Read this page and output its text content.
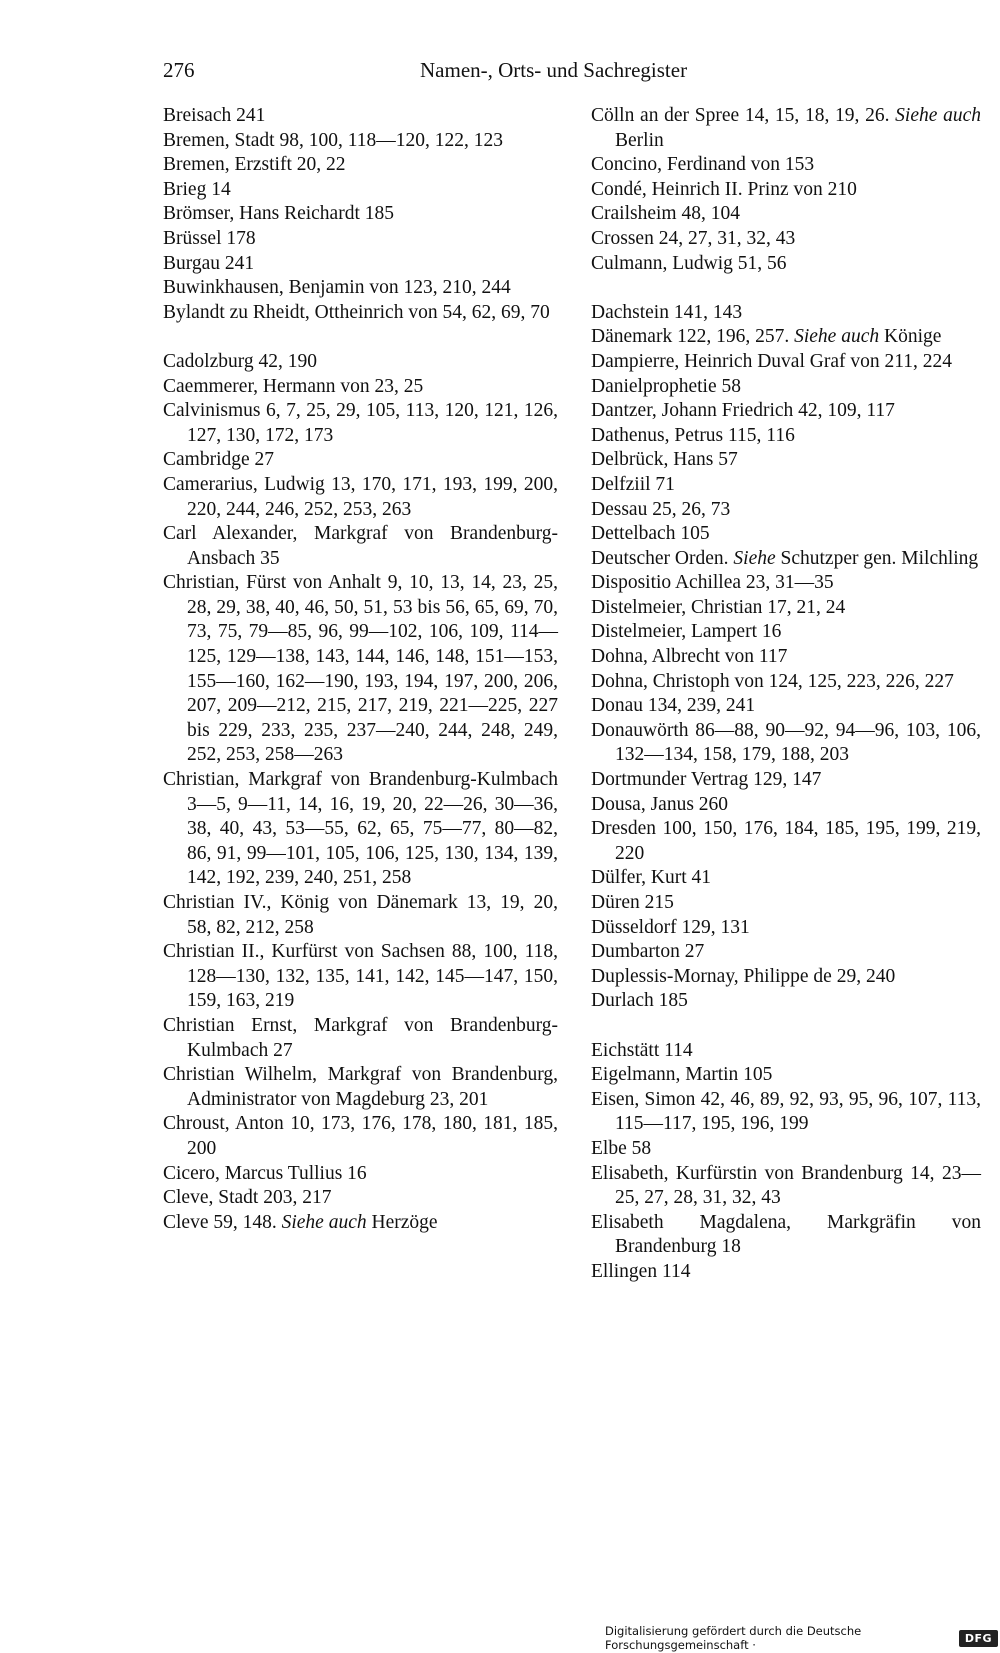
276	Namen-, Orts- und Sachregister
Breisach 241
Bremen, Stadt 98, 100, 118—120, 122, 123
Bremen, Erzstift 20, 22
Brieg 14
Brömser, Hans Reichardt 185
Brüssel 178
Burgau 241
Buwinkhausen, Benjamin von 123, 210, 244
Bylandt zu Rheidt, Ottheinrich von 54, 62, 69, 70
Cadolzburg 42, 190
Caemmerer, Hermann von 23, 25
Calvinismus 6, 7, 25, 29, 105, 113, 120, 121, 126, 127, 130, 172, 173
Cambridge 27
Camerarius, Ludwig 13, 170, 171, 193, 199, 200, 220, 244, 246, 252, 253, 263
Carl Alexander, Markgraf von Brandenburg-Ansbach 35
Christian, Fürst von Anhalt 9, 10, 13, 14, 23, 25, 28, 29, 38, 40, 46, 50, 51, 53 bis 56, 65, 69, 70, 73, 75, 79—85, 96, 99—102, 106, 109, 114—125, 129—138, 143, 144, 146, 148, 151—153, 155—160, 162—190, 193, 194, 197, 200, 206, 207, 209—212, 215, 217, 219, 221—225, 227 bis 229, 233, 235, 237—240, 244, 248, 249, 252, 253, 258—263
Christian, Markgraf von Brandenburg-Kulmbach 3—5, 9—11, 14, 16, 19, 20, 22—26, 30—36, 38, 40, 43, 53—55, 62, 65, 75—77, 80—82, 86, 91, 99—101, 105, 106, 125, 130, 134, 139, 142, 192, 239, 240, 251, 258
Christian IV., König von Dänemark 13, 19, 20, 58, 82, 212, 258
Christian II., Kurfürst von Sachsen 88, 100, 118, 128—130, 132, 135, 141, 142, 145—147, 150, 159, 163, 219
Christian Ernst, Markgraf von Brandenburg-Kulmbach 27
Christian Wilhelm, Markgraf von Brandenburg, Administrator von Magdeburg 23, 201
Chroust, Anton 10, 173, 176, 178, 180, 181, 185, 200
Cicero, Marcus Tullius 16
Cleve, Stadt 203, 217
Cleve 59, 148. Siehe auch Herzöge
Cölln an der Spree 14, 15, 18, 19, 26. Siehe auch Berlin
Concino, Ferdinand von 153
Condé, Heinrich II. Prinz von 210
Crailsheim 48, 104
Crossen 24, 27, 31, 32, 43
Culmann, Ludwig 51, 56
Dachstein 141, 143
Dänemark 122, 196, 257. Siehe auch Könige
Dampierre, Heinrich Duval Graf von 211, 224
Danielprophetie 58
Dantzer, Johann Friedrich 42, 109, 117
Dathenus, Petrus 115, 116
Delbrück, Hans 57
Delfziil 71
Dessau 25, 26, 73
Dettelbach 105
Deutscher Orden. Siehe Schutzper gen. Milchling
Dispositio Achillea 23, 31—35
Distelmeier, Christian 17, 21, 24
Distelmeier, Lampert 16
Dohna, Albrecht von 117
Dohna, Christoph von 124, 125, 223, 226, 227
Donau 134, 239, 241
Donauwörth 86—88, 90—92, 94—96, 103, 106, 132—134, 158, 179, 188, 203
Dortmunder Vertrag 129, 147
Dousa, Janus 260
Dresden 100, 150, 176, 184, 185, 195, 199, 219, 220
Dülfer, Kurt 41
Düren 215
Düsseldorf 129, 131
Dumbarton 27
Duplessis-Mornay, Philippe de 29, 240
Durlach 185
Eichstätt 114
Eigelmann, Martin 105
Eisen, Simon 42, 46, 89, 92, 93, 95, 96, 107, 113, 115—117, 195, 196, 199
Elbe 58
Elisabeth, Kurfürstin von Brandenburg 14, 23—25, 27, 28, 31, 32, 43
Elisabeth Magdalena, Markgräfin von Brandenburg 18
Ellingen 114
Digitalisierung gefördert durch die Deutsche Forschungsgemeinschaft ·	DFG
